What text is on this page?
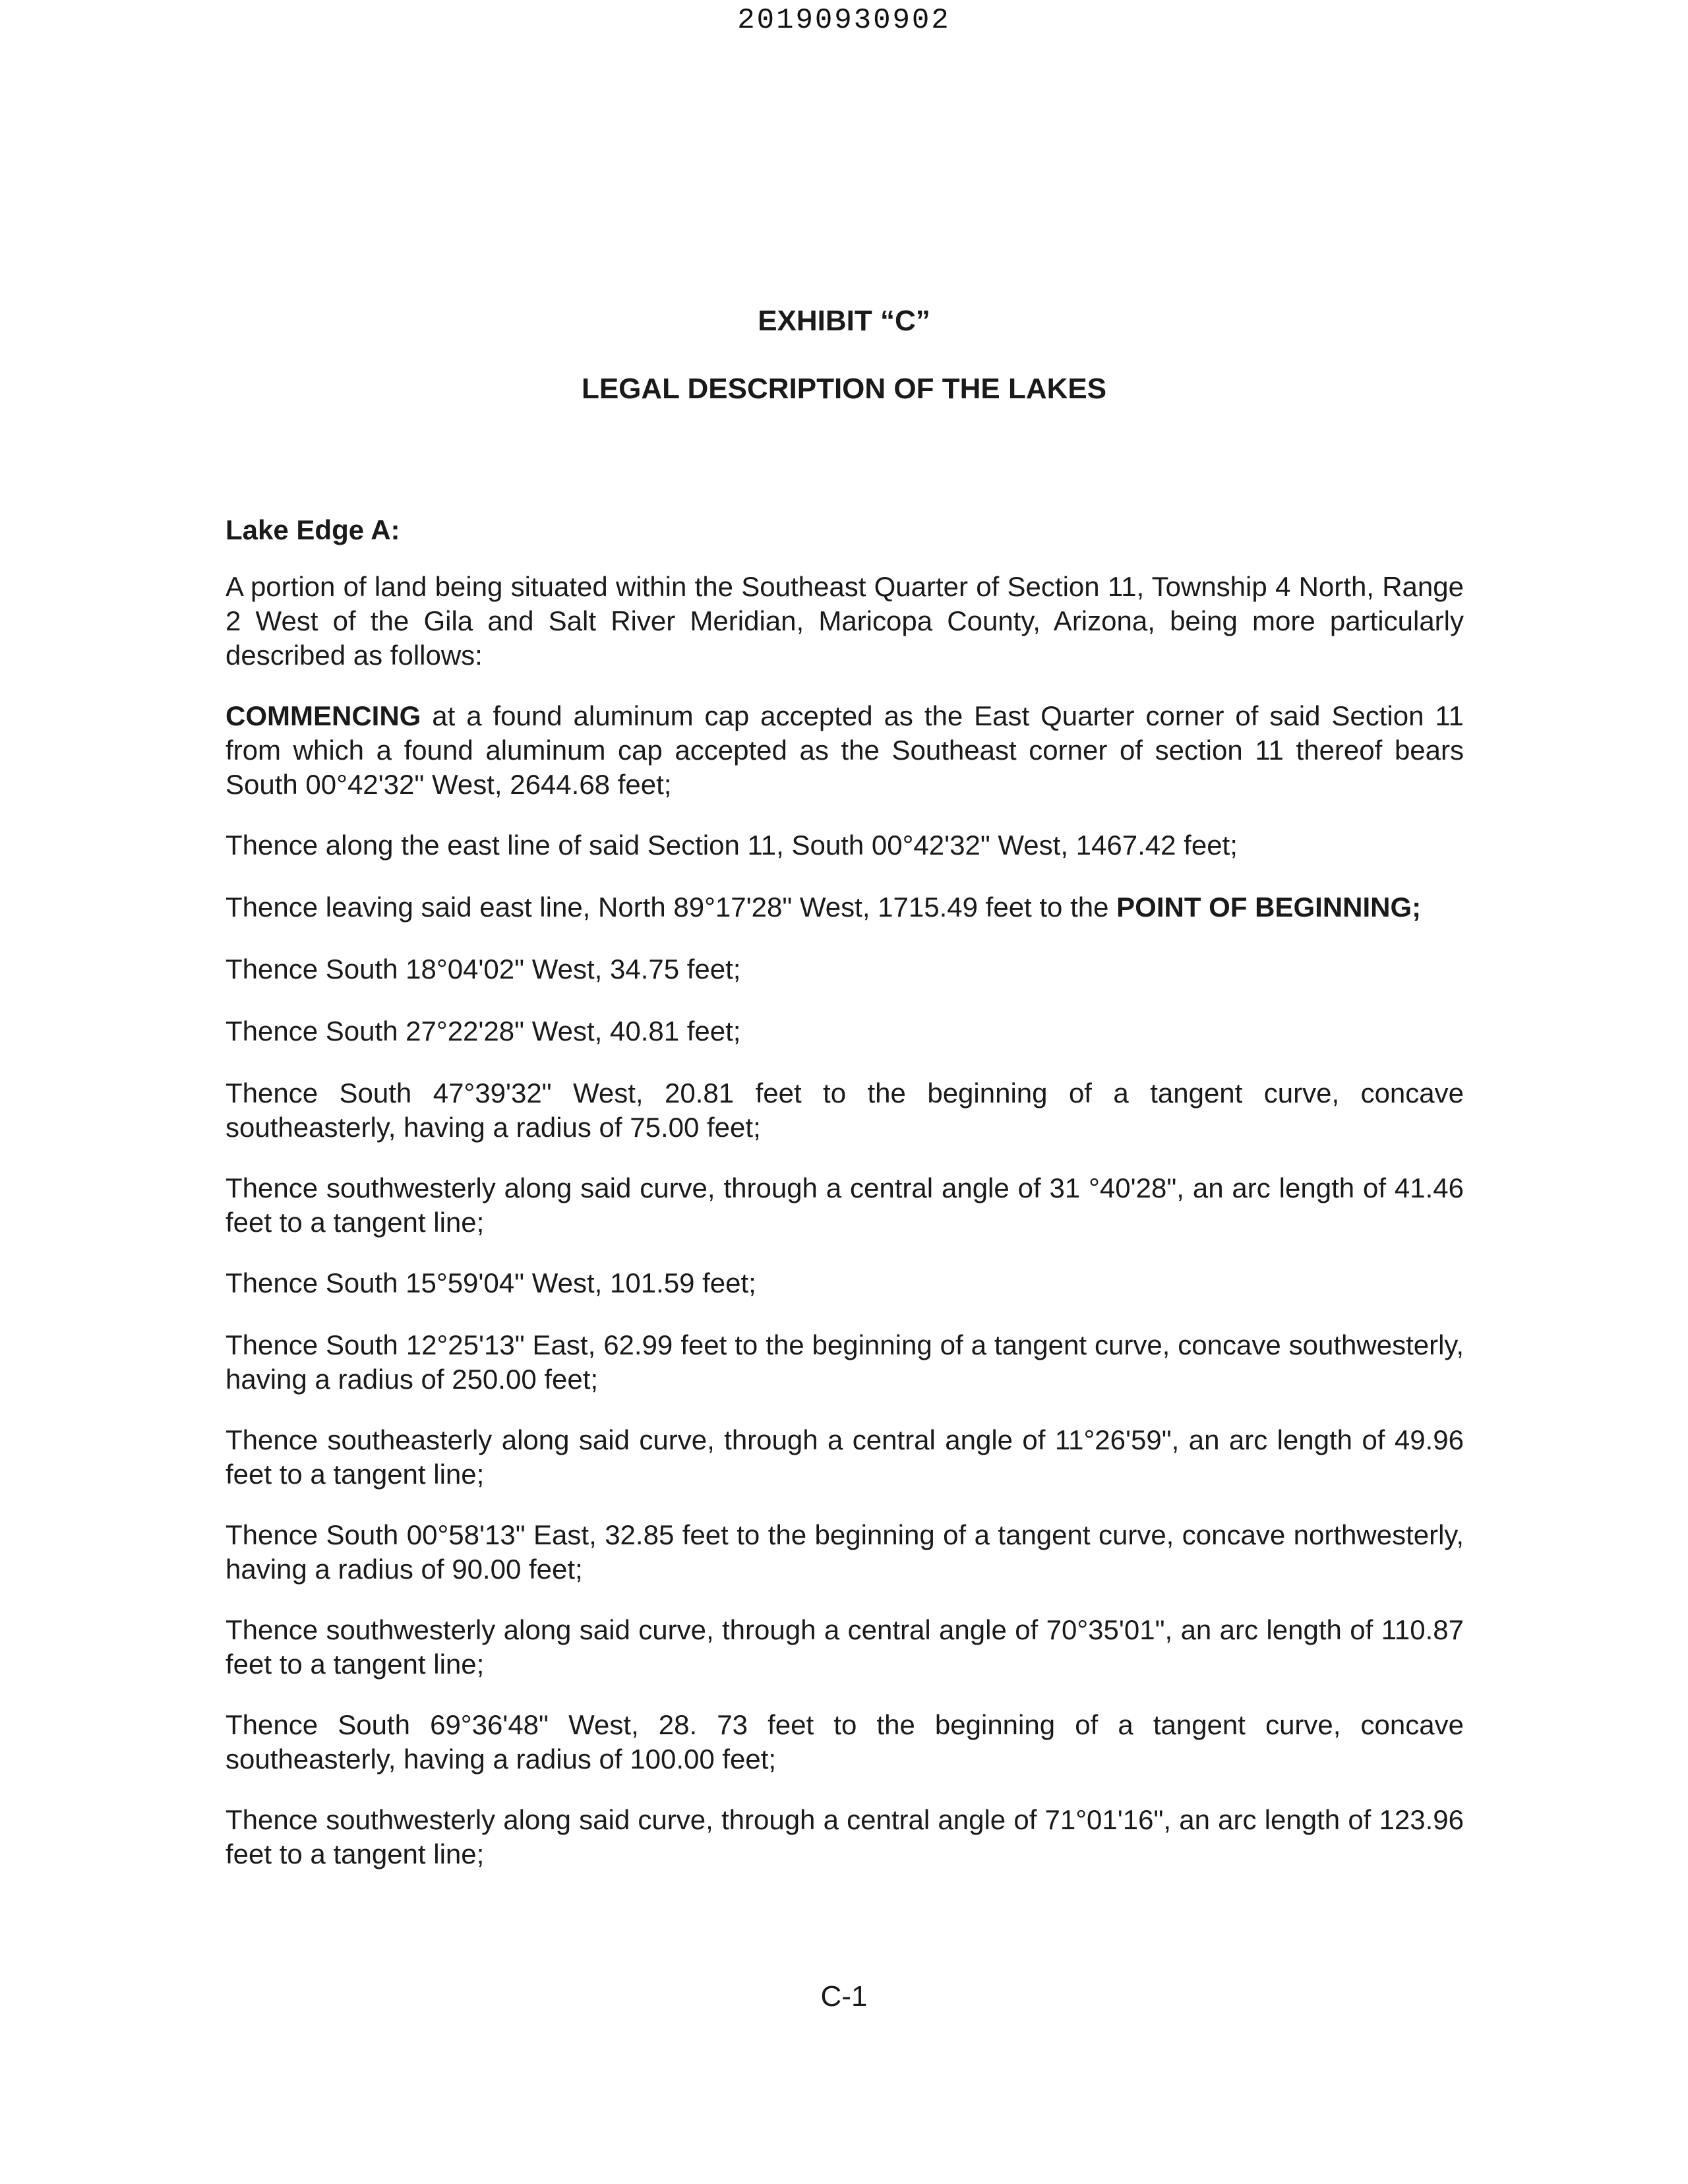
20190930902
EXHIBIT “C”
LEGAL DESCRIPTION OF THE LAKES
Lake Edge A:

A portion of land being situated within the Southeast Quarter of Section 11, Township 4 North, Range 2 West of the Gila and Salt River Meridian, Maricopa County, Arizona, being more particularly described as follows:

COMMENCING at a found aluminum cap accepted as the East Quarter corner of said Section 11 from which a found aluminum cap accepted as the Southeast corner of section 11 thereof bears South 00°42'32" West, 2644.68 feet;

Thence along the east line of said Section 11, South 00°42'32" West, 1467.42 feet;

Thence leaving said east line, North 89°17'28" West, 1715.49 feet to the POINT OF BEGINNING;

Thence South 18°04'02" West, 34.75 feet;

Thence South 27°22'28" West, 40.81 feet;

Thence South 47°39'32" West, 20.81 feet to the beginning of a tangent curve, concave southeasterly, having a radius of 75.00 feet;

Thence southwesterly along said curve, through a central angle of 31 °40'28", an arc length of 41.46 feet to a tangent line;

Thence South 15°59'04" West, 101.59 feet;

Thence South 12°25'13" East, 62.99 feet to the beginning of a tangent curve, concave southwesterly, having a radius of 250.00 feet;

Thence southeasterly along said curve, through a central angle of 11°26'59", an arc length of 49.96 feet to a tangent line;

Thence South 00°58'13" East, 32.85 feet to the beginning of a tangent curve, concave northwesterly, having a radius of 90.00 feet;

Thence southwesterly along said curve, through a central angle of 70°35'01", an arc length of 110.87 feet to a tangent line;

Thence South 69°36'48" West, 28. 73 feet to the beginning of a tangent curve, concave southeasterly, having a radius of 100.00 feet;

Thence southwesterly along said curve, through a central angle of 71°01'16", an arc length of 123.96 feet to a tangent line;

C-1
